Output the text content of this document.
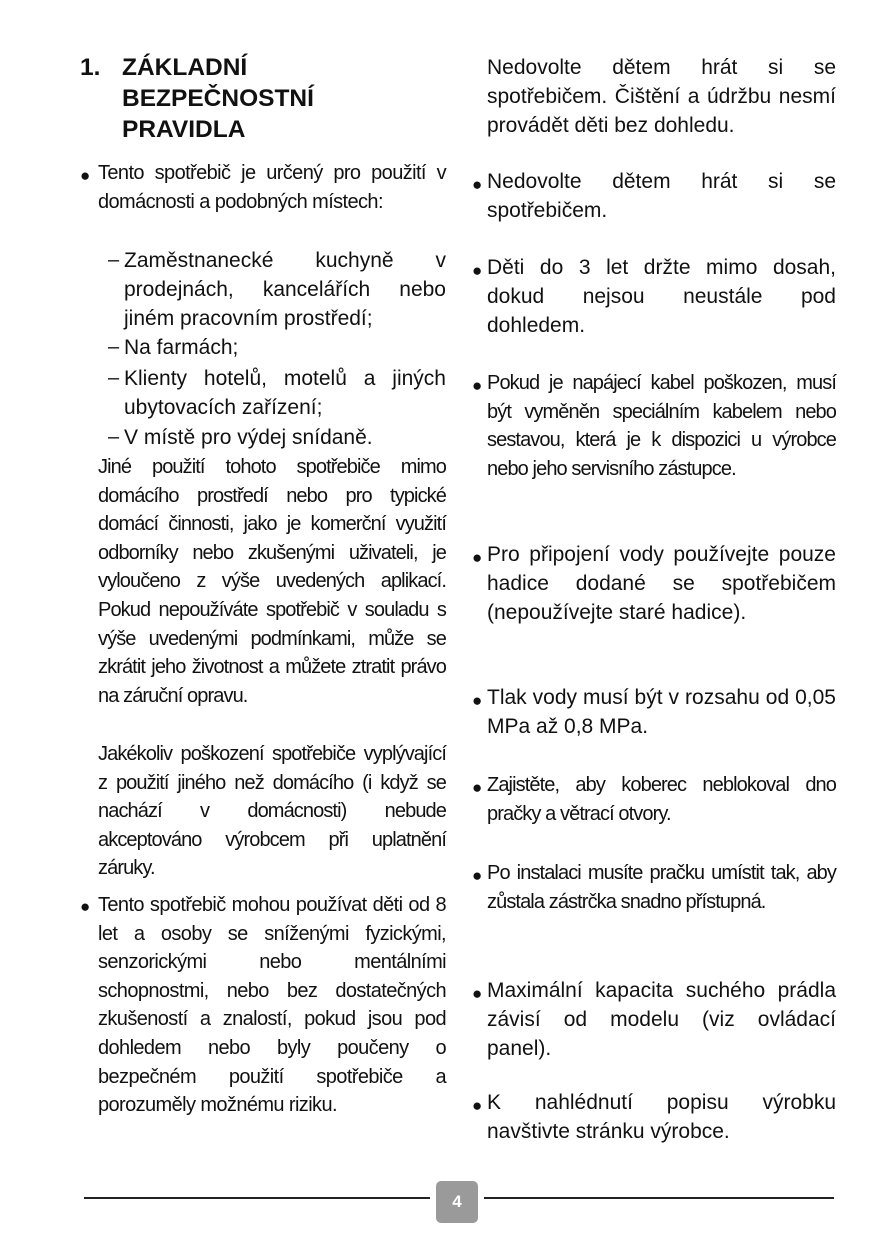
1. ZÁKLADNÍ BEZPEČNOSTNÍ PRAVIDLA
● Tento spotřebič je určený pro použití v domácnosti a podobných místech:
– Zaměstnanecké kuchyně v prodejnách, kancelářích nebo jiném pracovním prostředí;
– Na farmách;
– Klienty hotelů, motelů a jiných ubytovacích zařízení;
– V místě pro výdej snídaně.
Jiné použití tohoto spotřebiče mimo domácího prostředí nebo pro typické domácí činnosti, jako je komerční využití odborníky nebo zkušenými uživateli, je vyloučeno z výše uvedených aplikací. Pokud nepoužíváte spotřebič v souladu s výše uvedenými podmínkami, může se zkrátit jeho životnost a můžete ztratit právo na záruční opravu.
Jakékoliv poškození spotřebiče vyplývající z použití jiného než domácího (i když se nachází v domácnosti) nebude akceptováno výrobcem při uplatnění záruky.
● Tento spotřebič mohou používat děti od 8 let a osoby se sníženými fyzickými, senzorickými nebo mentálními schopnostmi, nebo bez dostatečných zkušeností a znalostí, pokud jsou pod dohledem nebo byly poučeny o bezpečném použití spotřebiče a porozuměly možnému riziku.
Nedovolte dětem hrát si se spotřebičem. Čištění a údržbu nesmí provádět děti bez dohledu.
● Nedovolte dětem hrát si se spotřebičem.
● Děti do 3 let držte mimo dosah, dokud nejsou neustále pod dohledem.
● Pokud je napájecí kabel poškozen, musí být vyměněn speciálním kabelem nebo sestavou, která je k dispozici u výrobce nebo jeho servisního zástupce.
● Pro připojení vody používejte pouze hadice dodané se spotřebičem (nepoužívejte staré hadice).
● Tlak vody musí být v rozsahu od 0,05 MPa až 0,8 MPa.
● Zajistěte, aby koberec neblokoval dno pračky a větrací otvory.
● Po instalaci musíte pračku umístit tak, aby zůstala zástrčka snadno přístupná.
● Maximální kapacita suchého prádla závisí od modelu (viz ovládací panel).
● K nahlédnutí popisu výrobku navštivte stránku výrobce.
4
